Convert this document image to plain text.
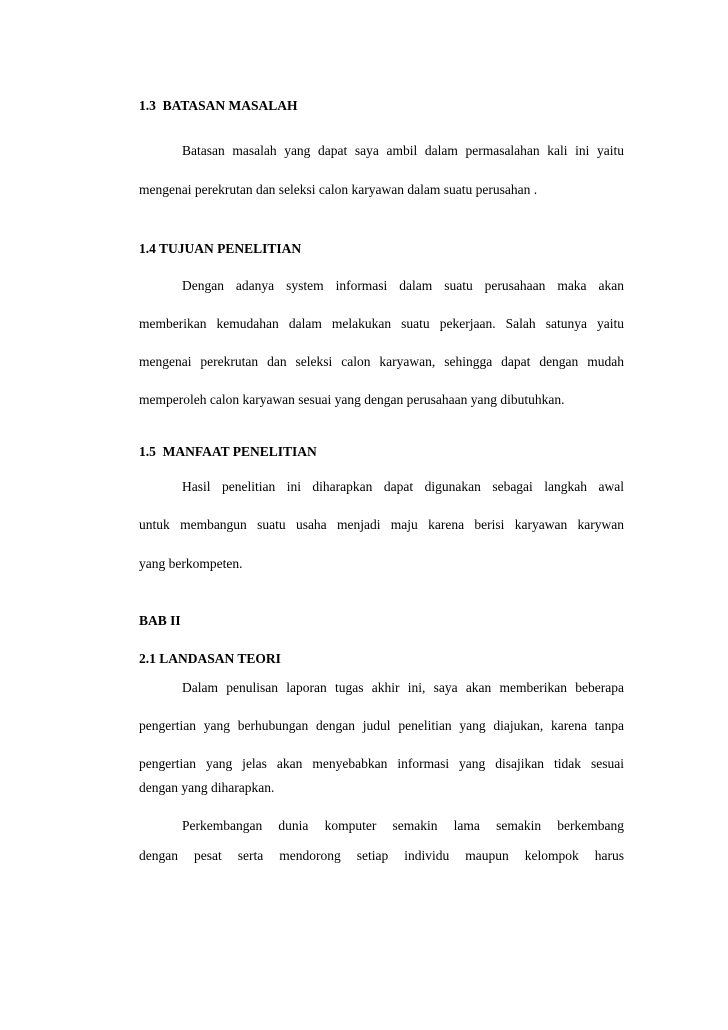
1.3  BATASAN MASALAH

Batasan masalah yang dapat saya ambil dalam permasalahan kali ini yaitu

mengenai perekrutan dan seleksi calon karyawan dalam suatu perusahan .

1.4 TUJUAN PENELITIAN

Dengan adanya system informasi dalam suatu perusahaan maka akan

memberikan kemudahan dalam melakukan suatu pekerjaan. Salah satunya yaitu

mengenai perekrutan dan seleksi calon karyawan, sehingga dapat dengan mudah

memperoleh calon karyawan sesuai yang dengan perusahaan yang dibutuhkan.

1.5  MANFAAT PENELITIAN

Hasil penelitian ini diharapkan dapat digunakan sebagai langkah awal

untuk membangun suatu usaha menjadi maju karena berisi karyawan karywan

yang berkompeten.

BAB II

2.1 LANDASAN TEORI

Dalam penulisan laporan tugas akhir ini, saya akan memberikan beberapa

pengertian yang berhubungan dengan judul penelitian yang diajukan, karena tanpa

pengertian yang jelas akan menyebabkan informasi yang disajikan tidak sesuai

dengan yang diharapkan.

Perkembangan dunia komputer semakin lama semakin berkembang

dengan pesat serta mendorong setiap individu maupun kelompok harus
